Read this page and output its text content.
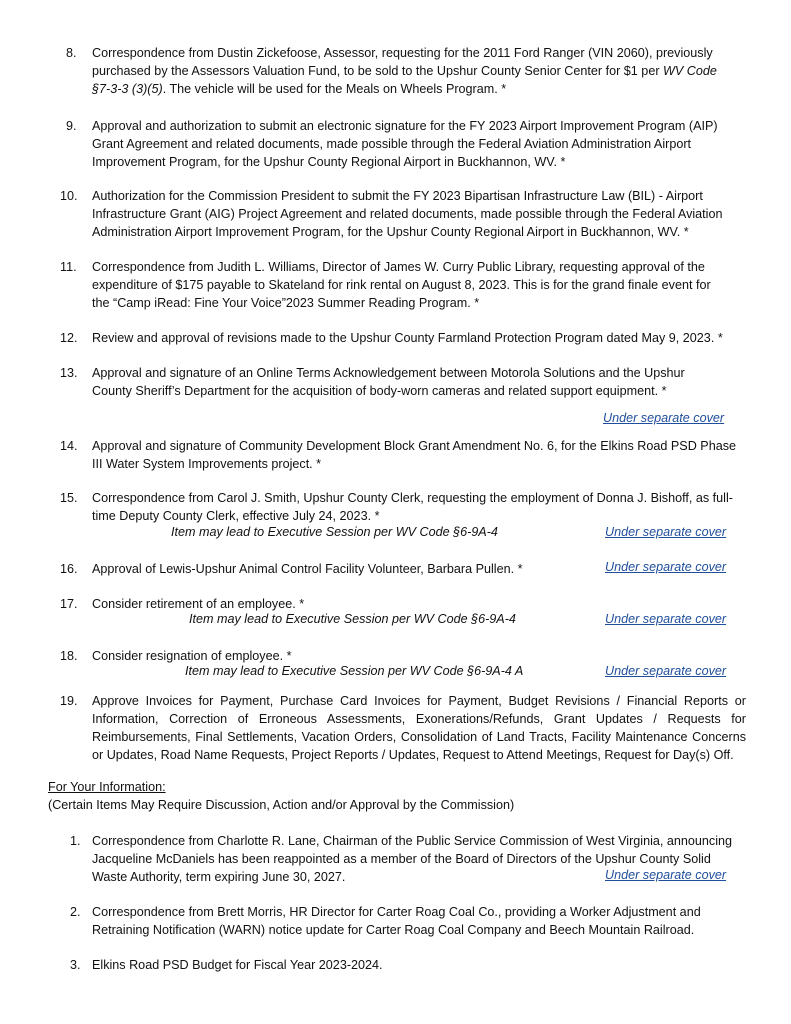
8.	Correspondence from Dustin Zickefoose, Assessor, requesting for the 2011 Ford Ranger (VIN 2060), previously
purchased by the Assessors Valuation Fund, to be sold to the Upshur County Senior Center for $1 per WV Code
§7-3-3 (3)(5). The vehicle will be used for the Meals on Wheels Program. *
9.	Approval and authorization to submit an electronic signature for the FY 2023 Airport Improvement Program (AIP)
Grant Agreement and related documents, made possible through the Federal Aviation Administration Airport
Improvement Program, for the Upshur County Regional Airport in Buckhannon, WV. *
10.	Authorization for the Commission President to submit the FY 2023 Bipartisan Infrastructure Law (BIL) - Airport
Infrastructure Grant (AIG) Project Agreement and related documents, made possible through the Federal Aviation
Administration Airport Improvement Program, for the Upshur County Regional Airport in Buckhannon, WV. *
11.	Correspondence from Judith L. Williams, Director of James W. Curry Public Library, requesting approval of the
expenditure of $175 payable to Skateland for rink rental on August 8, 2023. This is for the grand finale event for
the “Camp iRead: Fine Your Voice”2023 Summer Reading Program. *
12.	Review and approval of revisions made to the Upshur County Farmland Protection Program dated May 9, 2023. *
13.	Approval and signature of an Online Terms Acknowledgement between Motorola Solutions and the Upshur
County Sheriff’s Department for the acquisition of body-worn cameras and related support equipment. *
Under separate cover
14.	Approval and signature of Community Development Block Grant Amendment No. 6, for the Elkins Road PSD Phase
III Water System Improvements project. *
15.	Correspondence from Carol J. Smith, Upshur County Clerk, requesting the employment of Donna J. Bishoff, as full-
time Deputy County Clerk, effective July 24, 2023. *
Item may lead to Executive Session per WV Code §6-9A-4	Under separate cover
16.	Approval of Lewis-Upshur Animal Control Facility Volunteer, Barbara Pullen. *	Under separate cover
17.	Consider retirement of an employee. *
Item may lead to Executive Session per WV Code §6-9A-4	Under separate cover
18.	Consider resignation of employee. *
Item may lead to Executive Session per WV Code §6-9A-4 A	Under separate cover
19.	Approve Invoices for Payment, Purchase Card Invoices for Payment, Budget Revisions / Financial Reports or Information, Correction of Erroneous Assessments, Exonerations/Refunds, Grant Updates / Requests for Reimbursements, Final Settlements, Vacation Orders, Consolidation of Land Tracts, Facility Maintenance Concerns or Updates, Road Name Requests, Project Reports / Updates, Request to Attend Meetings, Request for Day(s) Off.
For Your Information:
(Certain Items May Require Discussion, Action and/or Approval by the Commission)
1. Correspondence from Charlotte R. Lane, Chairman of the Public Service Commission of West Virginia, announcing
Jacqueline McDaniels has been reappointed as a member of the Board of Directors of the Upshur County Solid
Waste Authority, term expiring June 30, 2027.	Under separate cover
2. Correspondence from Brett Morris, HR Director for Carter Roag Coal Co., providing a Worker Adjustment and
Retraining Notification (WARN) notice update for Carter Roag Coal Company and Beech Mountain Railroad.
3. Elkins Road PSD Budget for Fiscal Year 2023-2024.
